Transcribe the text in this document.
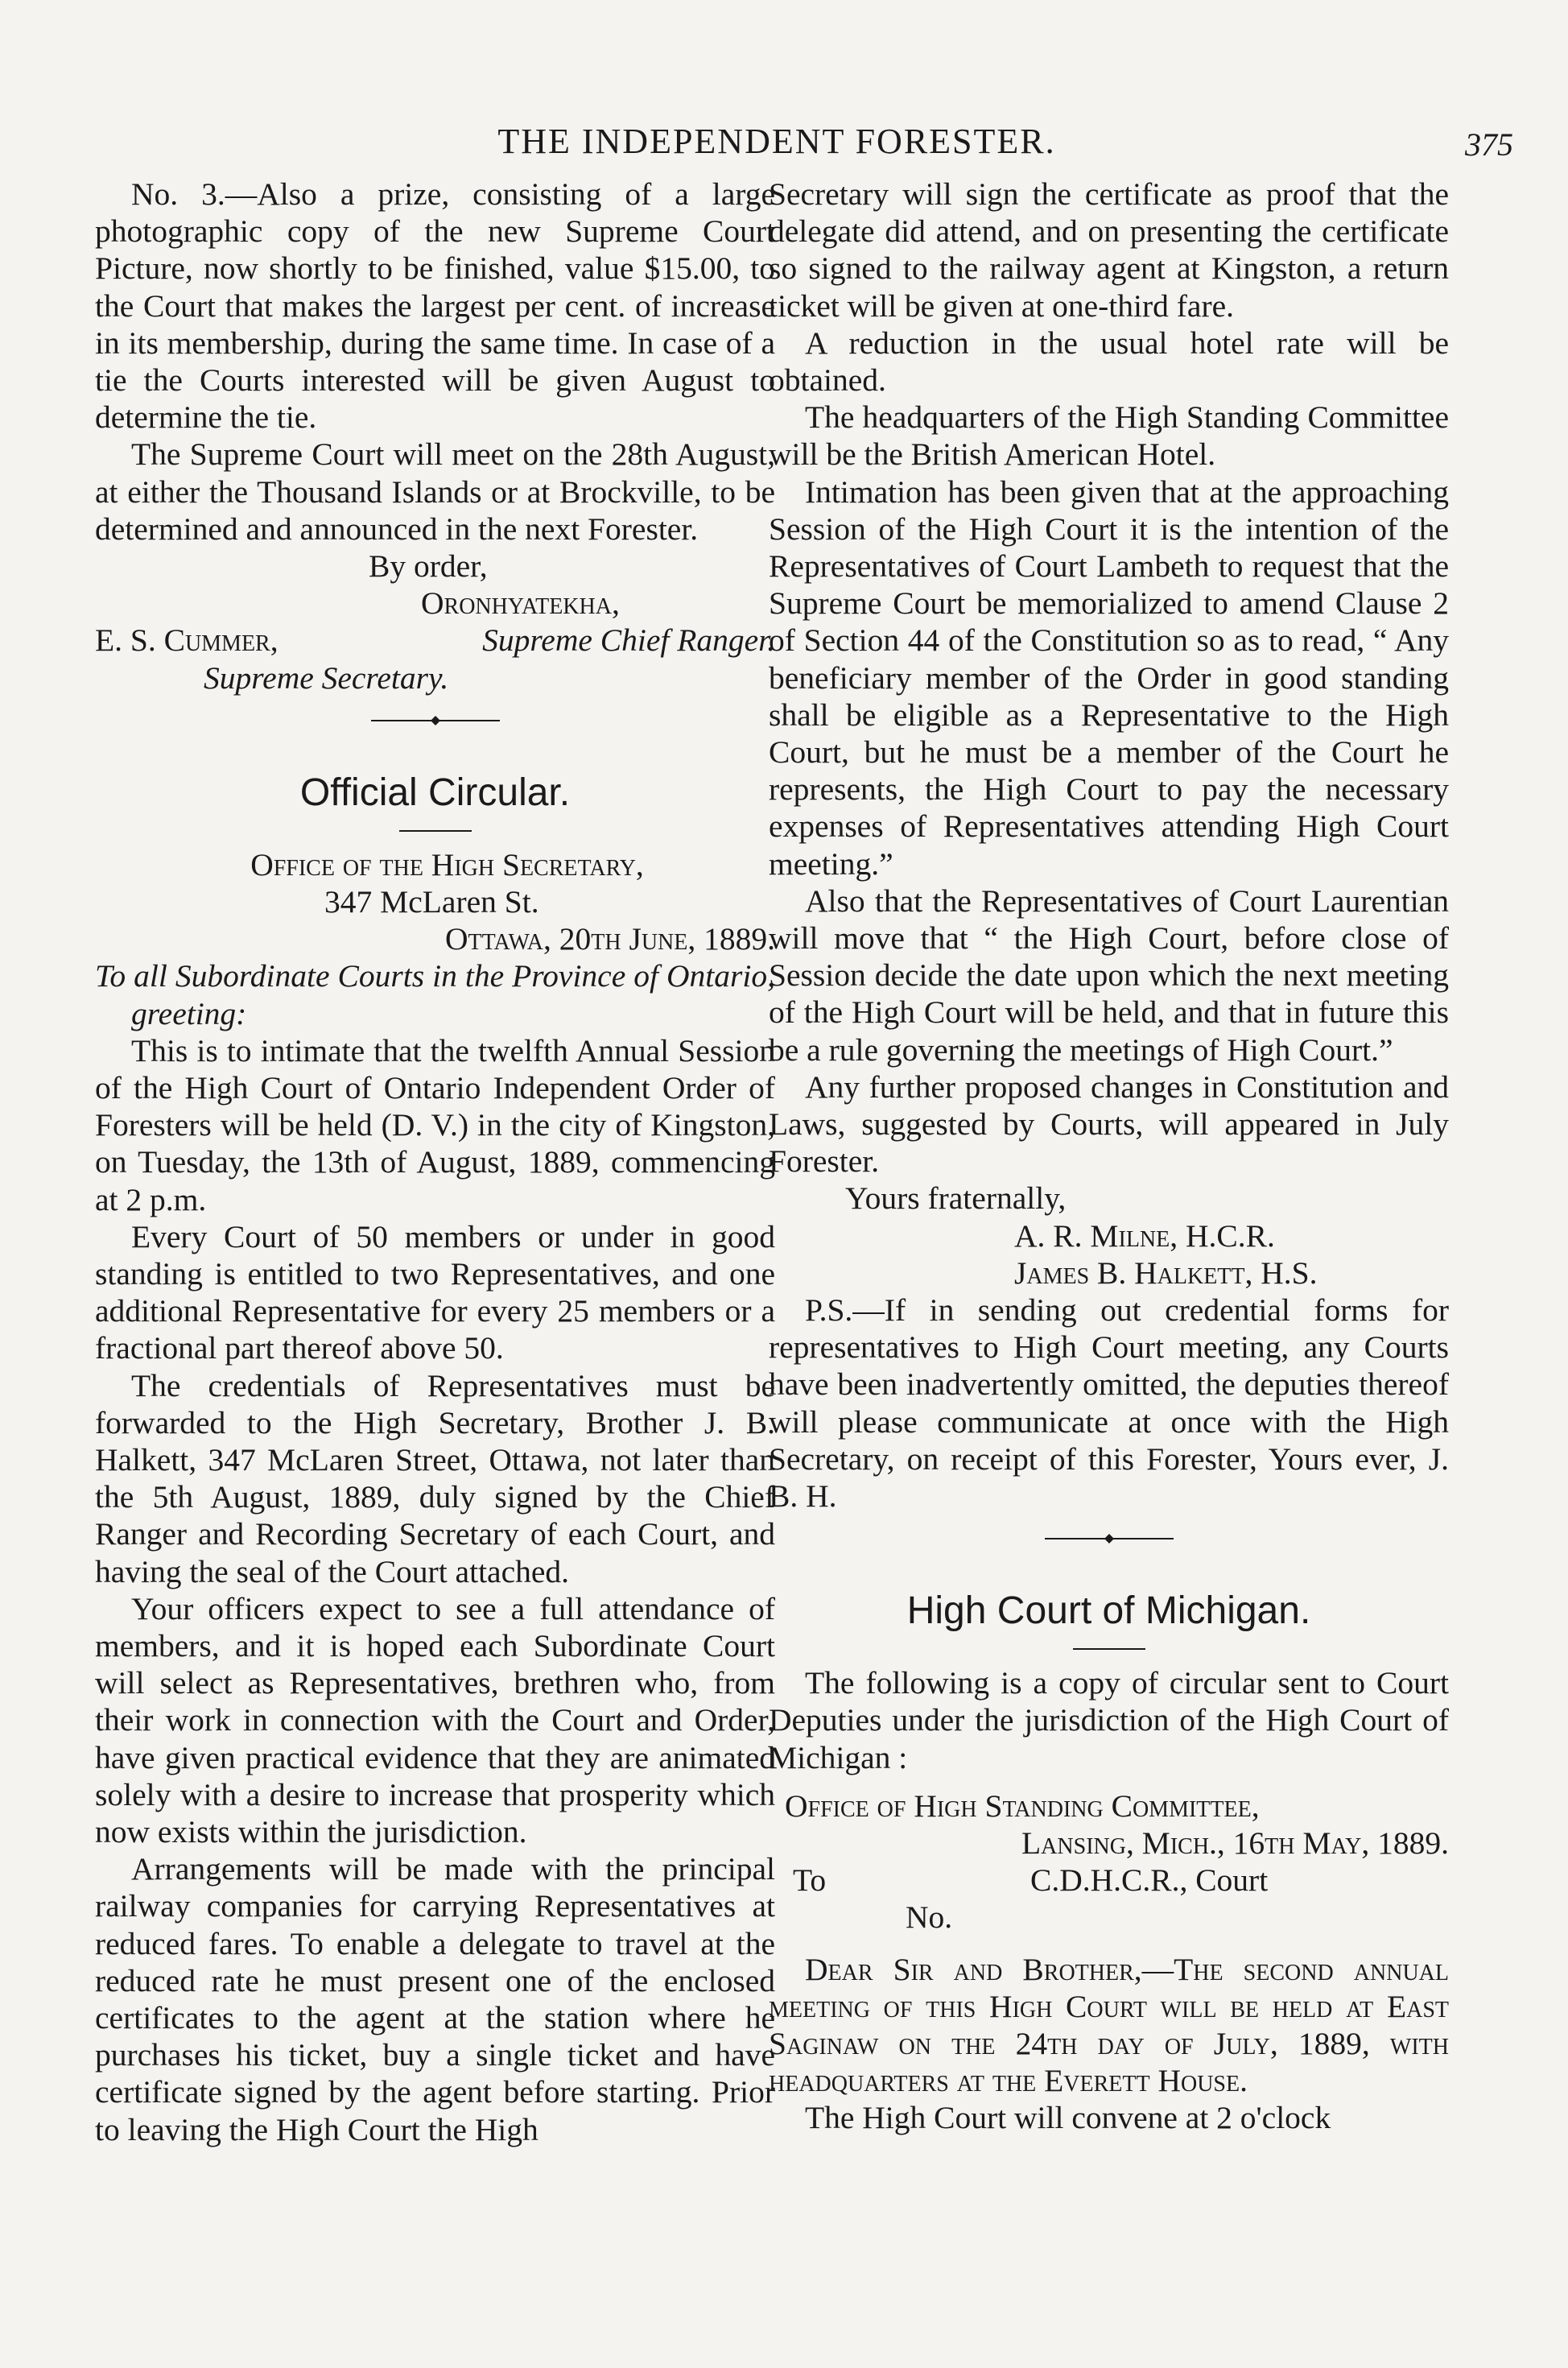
THE INDEPENDENT FORESTER.	375

No. 3.—Also a prize, consisting of a large photographic copy of the new Supreme Court Picture, now shortly to be finished, value $15.00, to the Court that makes the largest per cent. of increase in its membership, during the same time. In case of a tie the Courts interested will be given August to determine the tie.

The Supreme Court will meet on the 28th August, at either the Thousand Islands or at Brockville, to be determined and announced in the next Forester.

By order,
Oronhyatekha,
E. S. Cummer,	Supreme Chief Ranger.
Supreme Secretary.
Official Circular.
Office of the High Secretary,
347 McLaren St.
Ottawa, 20th June, 1889.

To all Subordinate Courts in the Province of Ontario, greeting:

This is to intimate that the twelfth Annual Session of the High Court of Ontario Independent Order of Foresters will be held (D. V.) in the city of Kingston, on Tuesday, the 13th of August, 1889, commencing at 2 p.m.

Every Court of 50 members or under in good standing is entitled to two Representatives, and one additional Representative for every 25 members or a fractional part thereof above 50.

The credentials of Representatives must be forwarded to the High Secretary, Brother J. B. Halkett, 347 McLaren Street, Ottawa, not later than the 5th August, 1889, duly signed by the Chief Ranger and Recording Secretary of each Court, and having the seal of the Court attached.

Your officers expect to see a full attendance of members, and it is hoped each Subordinate Court will select as Representatives, brethren who, from their work in connection with the Court and Order, have given practical evidence that they are animated solely with a desire to increase that prosperity which now exists within the jurisdiction.

Arrangements will be made with the principal railway companies for carrying Representatives at reduced fares. To enable a delegate to travel at the reduced rate he must present one of the enclosed certificates to the agent at the station where he purchases his ticket, buy a single ticket and have certificate signed by the agent before starting. Prior to leaving the High Court the High

Secretary will sign the certificate as proof that the delegate did attend, and on presenting the certificate so signed to the railway agent at Kingston, a return ticket will be given at one-third fare.

A reduction in the usual hotel rate will be obtained.

The headquarters of the High Standing Committee will be the British American Hotel.

Intimation has been given that at the approaching Session of the High Court it is the intention of the Representatives of Court Lambeth to request that the Supreme Court be memorialized to amend Clause 2 of Section 44 of the Constitution so as to read, “ Any beneficiary member of the Order in good standing shall be eligible as a Representative to the High Court, but he must be a member of the Court he represents, the High Court to pay the necessary expenses of Representatives attending High Court meeting.”

Also that the Representatives of Court Laurentian will move that “ the High Court, before close of Session decide the date upon which the next meeting of the High Court will be held, and that in future this be a rule governing the meetings of High Court.”

Any further proposed changes in Constitution and Laws, suggested by Courts, will appeared in July Forester.

Yours fraternally,
A. R. Milne, H.C.R.
James B. Halkett, H.S.

P.S.—If in sending out credential forms for representatives to High Court meeting, any Courts have been inadvertently omitted, the deputies thereof will please communicate at once with the High Secretary, on receipt of this Forester, Yours ever, J. B. H.

High Court of Michigan.

The following is a copy of circular sent to Court Deputies under the jurisdiction of the High Court of Michigan :

Office of High Standing Committee,
Lansing, Mich., 16th May, 1889.
To	C.D.H.C.R., Court
No.

Dear Sir and Brother,—The second annual meeting of this High Court will be held at East Saginaw on the 24th day of July, 1889, with headquarters at the Everett House.

The High Court will convene at 2 o'clock
